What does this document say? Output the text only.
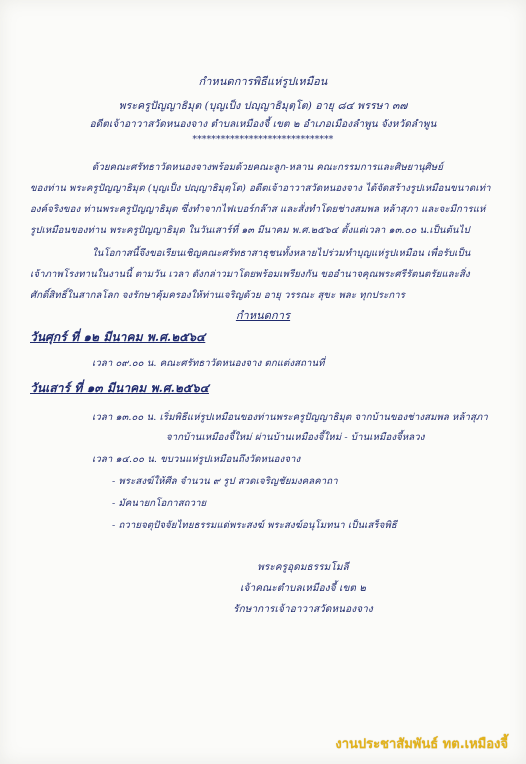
กำหนดการพิธีแห่รูปเหมือน
พระครูปัญญาธิมุต (บุญเป็ง ปญฺญาธิมุตฺโต) อายุ ๘๔ พรรษา ๓๗
อดีตเจ้าอาวาสวัดหนองจาง ตำบลเหมืองจี้ เขต ๒ อำเภอเมืองลำพูน จังหวัดลำพูน
******************************
ด้วยคณะศรัทธาวัดหนองจางพร้อมด้วยคณะลูก-หลาน คณะกรรมการและศิษยานุศิษย์
ของท่าน พระครูปัญญาธิมุต (บุญเป็ง ปญฺญาธิมุตฺโต) อดีตเจ้าอาวาสวัดหนองจาง ได้จัดสร้างรูปเหมือนขนาดเท่า
องค์จริงของ ท่านพระครูปัญญาธิมุต ซึ่งทำจากไฟเบอร์กล๊าส และสั่งทำโดยช่างสมพล หล้าสุภา และจะมีการแห่
รูปเหมือนของท่าน พระครูปัญญาธิมุต ในวันเสาร์ที่ ๑๓ มีนาคม พ.ศ.๒๕๖๔ ตั้งแต่เวลา ๑๓.๐๐ น.เป็นต้นไป
ในโอกาสนี้จึงขอเรียนเชิญคณะศรัทธาสาธุชนทั้งหลายไปร่วมทำบุญแห่รูปเหมือน เพื่อรับเป็น
เจ้าภาพโรงทานในงานนี้ ตามวัน เวลา ดังกล่าวมาโดยพร้อมเพรียงกัน ขออำนาจคุณพระศรีรัตนตรัยและสิ่ง
ศักดิ์สิทธิ์ในสากลโลก จงรักษาคุ้มครองให้ท่านเจริญด้วย อายุ วรรณะ สุขะ พละ ทุกประการ
กำหนดการ
วันศุกร์ ที่ ๑๒ มีนาคม พ.ศ.๒๕๖๔
เวลา ๐๙.๐๐ น. คณะศรัทธาวัดหนองจาง ตกแต่งสถานที่
วันเสาร์ ที่ ๑๓ มีนาคม พ.ศ.๒๕๖๔
เวลา ๑๓.๐๐ น. เริ่มพิธีแห่รูปเหมือนของท่านพระครูปัญญาธิมุต จากบ้านของช่างสมพล หล้าสุภา
จากบ้านเหมืองจี้ใหม่ ผ่านบ้านเหมืองจี้ใหม่ - บ้านเหมืองจี้หลวง
เวลา ๑๔.๐๐ น. ขบวนแห่รูปเหมือนถึงวัดหนองจาง
- พระสงฆ์ให้ศีล จำนวน ๙ รูป สวดเจริญชัยมงคลคาถา
- มัคนายกโอกาสถวาย
- ถวายจตุปัจจัยไทยธรรมแด่พระสงฆ์ พระสงฆ์อนุโมทนา เป็นเสร็จพิธี
พระครูอุดมธรรมโมลี
เจ้าคณะตำบลเหมืองจี้ เขต ๒
รักษาการเจ้าอาวาสวัดหนองจาง
งานประชาสัมพันธ์ ทต.เหมืองจี้
